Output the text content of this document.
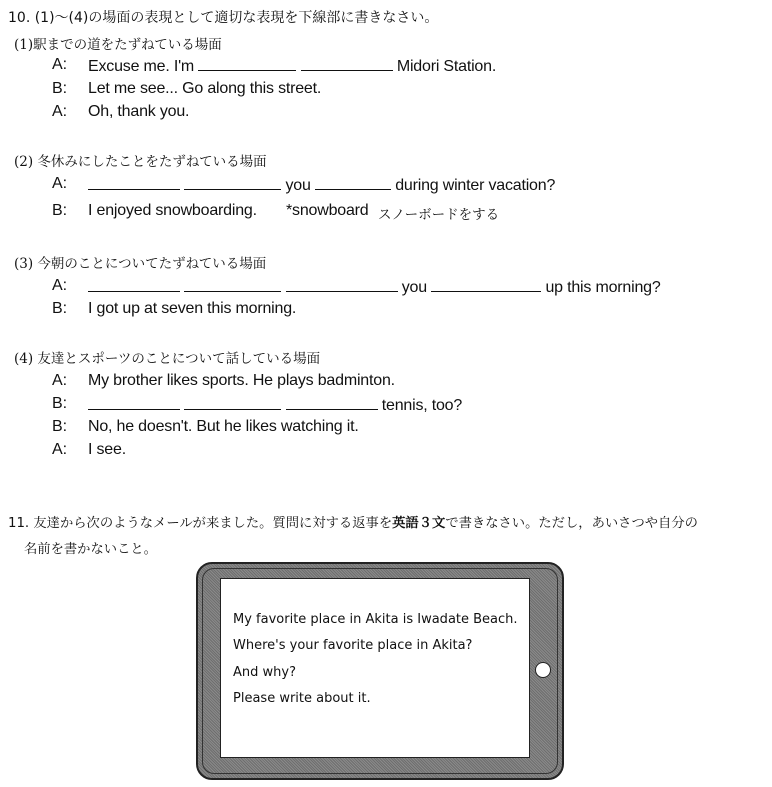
10. (1)～(4)の場面の表現として適切な表現を下線部に書きなさい。
(1)駅までの道をたずねている場面
A: Excuse me. I'm	Midori Station.
B: Let me see... Go along this street.
A: Oh, thank you.
(2) 冬休みにしたことをたずねている場面
A:	you	during winter vacation?
B: I enjoyed snowboarding. *snowboard スノーボードをする
(3) 今朝のことについてたずねている場面
A:	you	up this morning?
B: I got up at seven this morning.
(4) 友達とスポーツのことについて話している場面
A: My brother likes sports. He plays badminton.
B:	tennis, too?
B: No, he doesn't. But he likes watching it.
A: I see.
11. 友達から次のようなメールが来ました。質問に対する返事を英語３文で書きなさい。ただし，あいさつや自分の
名前を書かないこと。
My favorite place in Akita is Iwadate Beach.
Where's your favorite place in Akita?
And why?
Please write about it.
